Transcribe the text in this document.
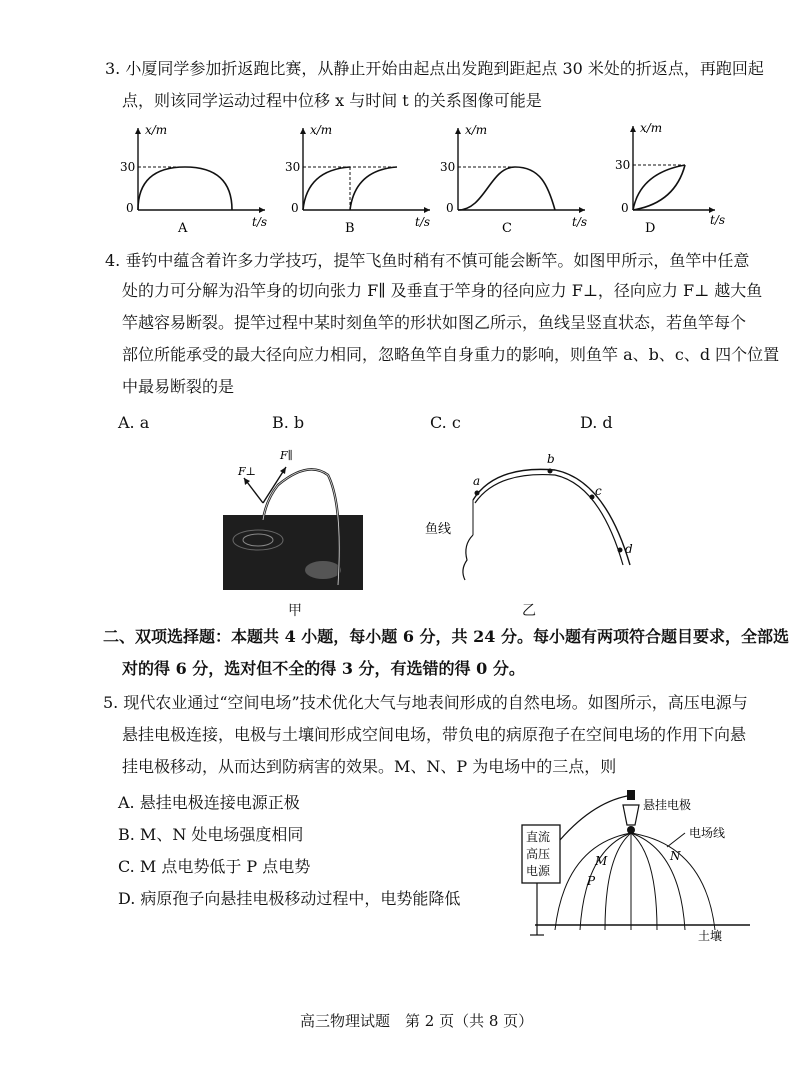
3. 小厦同学参加折返跑比赛，从静止开始由起点出发跑到距起点 30 米处的折返点，再跑回起
点，则该同学运动过程中位移 x 与时间 t 的关系图像可能是
x/m
30
0
t/s
A
x/m
30
0
t/s
B
x/m
30
0
t/s
C
x/m
30
0
t/s
D
4. 垂钓中蕴含着许多力学技巧，提竿飞鱼时稍有不慎可能会断竿。如图甲所示，鱼竿中任意
处的力可分解为沿竿身的切向张力 F∥ 及垂直于竿身的径向应力 F⊥，径向应力 F⊥ 越大鱼
竿越容易断裂。提竿过程中某时刻鱼竿的形状如图乙所示，鱼线呈竖直状态，若鱼竿每个
部位所能承受的最大径向应力相同，忽略鱼竿自身重力的影响，则鱼竿 a、b、c、d 四个位置
中最易断裂的是
A. a	B. b	C. c	D. d
F⊥
F∥
甲
a
b
c
d
鱼线
乙
二、双项选择题：本题共 4 小题，每小题 6 分，共 24 分。每小题有两项符合题目要求，全部选
对的得 6 分，选对但不全的得 3 分，有选错的得 0 分。
5. 现代农业通过“空间电场”技术优化大气与地表间形成的自然电场。如图所示，高压电源与
悬挂电极连接，电极与土壤间形成空间电场，带负电的病原孢子在空间电场的作用下向悬
挂电极移动，从而达到防病害的效果。M、N、P 为电场中的三点，则
A. 悬挂电极连接电源正极
B. M、N 处电场强度相同
C. M 点电势低于 P 点电势
D. 病原孢子向悬挂电极移动过程中，电势能降低
直流
高压
电源
悬挂电极
电场线
M
P
N
土壤
高三物理试题　第 2 页（共 8 页）
